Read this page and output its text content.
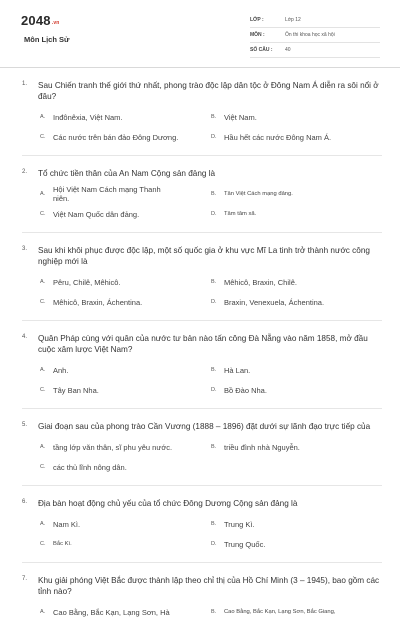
2048.vn
Môn Lịch Sử
LỚP :	Lớp 12
MÔN :	Ôn thi khoa học xã hội
SỐ CÂU :	40
1.	Sau Chiến tranh thế giới thứ nhất, phong trào độc lập dân tộc ở Đông Nam Á diễn ra sôi nổi ở đâu?
A.	Inđônêxia, Việt Nam.	B.	Việt Nam.
C.	Các nước trên bán đảo Đông Dương.	D.	Hầu hết các nước Đông Nam Á.
2.	Tổ chức tiền thân của An Nam Cộng sản đảng là
A.	Hội Việt Nam Cách mạng Thanh niên.	B.	Tân Việt Cách mạng đảng.
C.	Việt Nam Quốc dân đảng.	D.	Tâm tâm xã.
3.	Sau khi khôi phục được độc lập, một số quốc gia ở khu vực Mĩ La tinh trở thành nước công nghiệp mới là
A.	Pêru, Chilê, Mêhicô.	B.	Mêhicô, Braxin, Chilê.
C.	Mêhicô, Braxin, Áchentina.	D.	Braxin, Venexuela, Áchentina.
4.	Quân Pháp cùng với quân của nước tư bản nào tấn công Đà Nẵng vào năm 1858, mở đầu cuộc xâm lược Việt Nam?
A.	Anh.	B.	Hà Lan.
C.	Tây Ban Nha.	D.	Bồ Đào Nha.
5.	Giai đoạn sau của phong trào Cần Vương (1888 – 1896) đặt dưới sự lãnh đạo trực tiếp của
A.	tầng lớp văn thân, sĩ phu yêu nước.	B.	triều đình nhà Nguyễn.
C.	các thủ lĩnh nông dân.
6.	Địa bàn hoạt động chủ yếu của tổ chức Đông Dương Cộng sản đảng là
A.	Nam Kì.	B.	Trung Kì.
C.	Bắc Kì.	D.	Trung Quốc.
7.	Khu giải phóng Việt Bắc được thành lập theo chỉ thị của Hồ Chí Minh (3 – 1945), bao gồm các tỉnh nào?
A.	Cao Bằng, Bắc Kạn, Lạng Sơn, Hà	B.	Cao Bằng, Bắc Kạn, Lạng Sơn, Bắc Giang,
